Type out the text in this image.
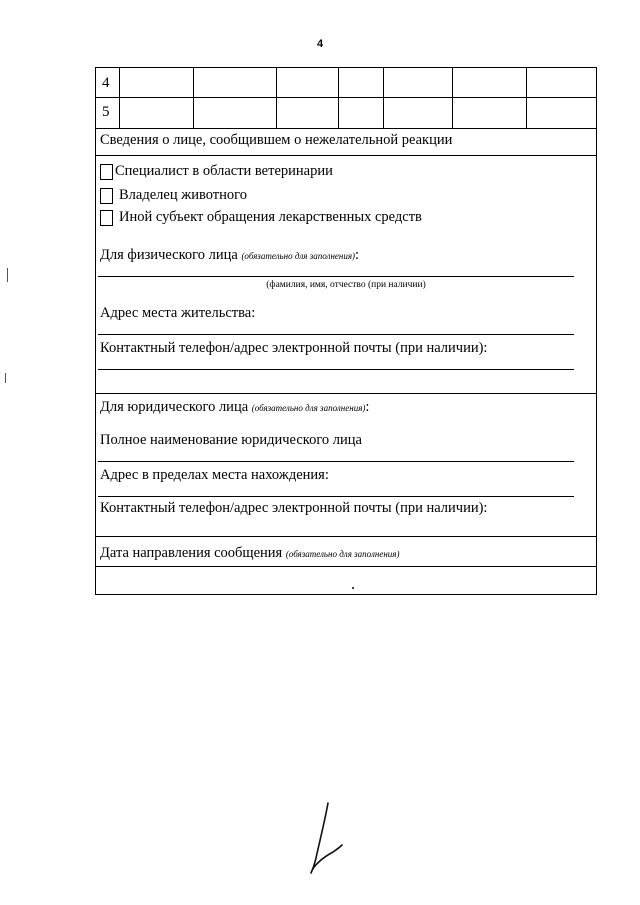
4
4
5
Сведения о лице, сообщившем о нежелательной реакции
Специалист в области ветеринарии
Владелец животного
Иной субъект обращения лекарственных средств
Для физического лица (обязательно для заполнения):
(фамилия, имя, отчество (при наличии)
Адрес места жительства:
Контактный телефон/адрес электронной почты (при наличии):
Для юридического лица (обязательно для заполнения):
Полное наименование юридического лица
Адрес в пределах места нахождения:
Контактный телефон/адрес электронной почты (при наличии):
Дата направления сообщения (обязательно для заполнения)
